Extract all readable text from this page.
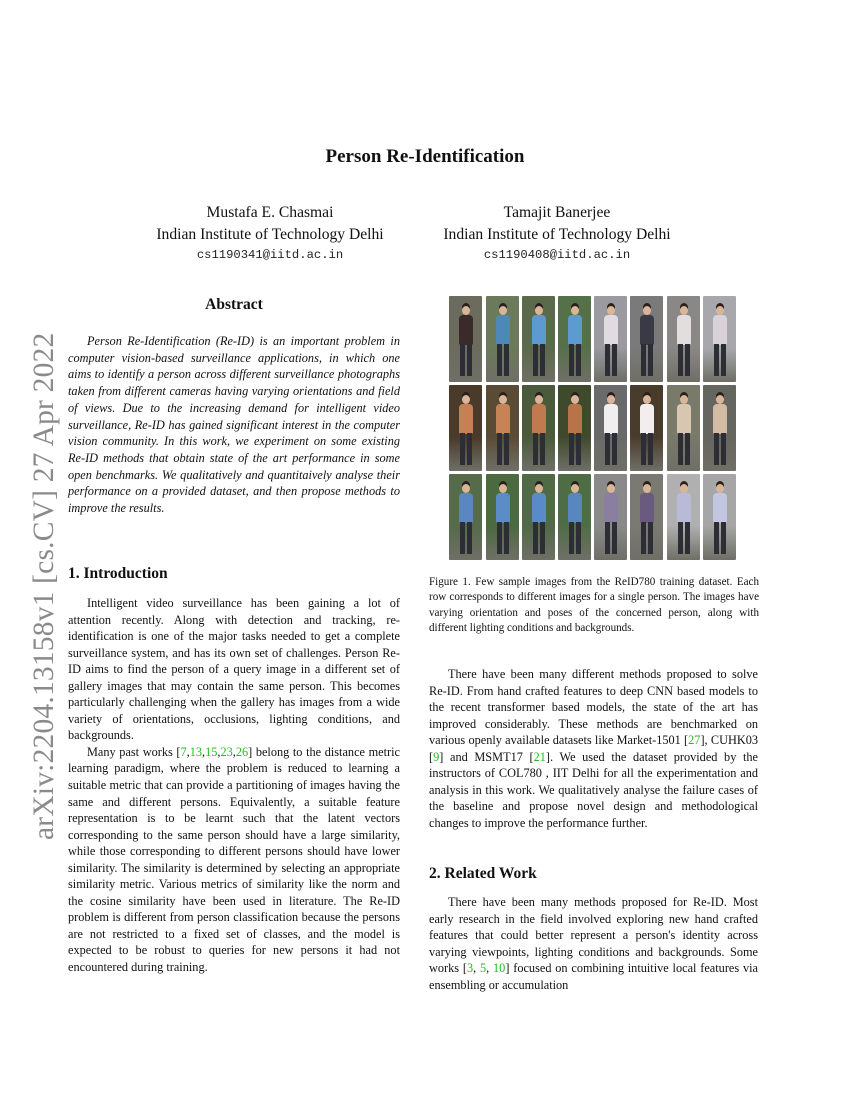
arXiv:2204.13158v1 [cs.CV] 27 Apr 2022
Person Re-Identification
Mustafa E. Chasmai
Indian Institute of Technology Delhi
cs1190341@iitd.ac.in
Tamajit Banerjee
Indian Institute of Technology Delhi
cs1190408@iitd.ac.in
Abstract

Person Re-Identification (Re-ID) is an important problem in computer vision-based surveillance applications, in which one aims to identify a person across different surveillance photographs taken from different cameras having varying orientations and field of views. Due to the increasing demand for intelligent video surveillance, Re-ID has gained significant interest in the computer vision community. In this work, we experiment on some existing Re-ID methods that obtain state of the art performance in some open benchmarks. We qualitatively and quantitaively analyse their performance on a provided dataset, and then propose methods to improve the results.

1. Introduction

Intelligent video surveillance has been gaining a lot of attention recently. Along with detection and tracking, re-identification is one of the major tasks needed to get a complete surveillance system, and has its own set of challenges. Person Re-ID aims to find the person of a query image in a different set of gallery images that may contain the same person. This becomes particularly challenging when the gallery has images from a wide variety of orientations, occlusions, lighting conditions, and backgrounds.

Many past works [7,13,15,23,26] belong to the distance metric learning paradigm, where the problem is reduced to learning a suitable metric that can provide a partitioning of images having the same and different persons. Equivalently, a suitable feature representation is to be learnt such that the latent vectors corresponding to the same person should have a large similarity, while those corresponding to different persons should have lower similarity. The similarity is determined by selecting an appropriate similarity metric. Various metrics of similarity like the norm and the cosine similarity have been used in literature. The Re-ID problem is different from person classification because the persons are not restricted to a fixed set of classes, and the model is expected to be robust to queries for new persons it had not encountered during training.

Figure 1. Few sample images from the ReID780 training dataset. Each row corresponds to different images for a single person. The images have varying orientation and poses of the concerned person, along with different lighting conditions and backgrounds.

There have been many different methods proposed to solve Re-ID. From hand crafted features to deep CNN based models to the recent transformer based models, the state of the art has improved considerably. These methods are benchmarked on various openly available datasets like Market-1501 [27], CUHK03 [9] and MSMT17 [21]. We used the dataset provided by the instructors of COL780 , IIT Delhi for all the experimentation and analysis in this work. We qualitatively analyse the failure cases of the baseline and propose novel design and methodological changes to improve the performance further.

2. Related Work

There have been many methods proposed for Re-ID. Most early research in the field involved exploring new hand crafted features that could better represent a person's identity across varying viewpoints, lighting conditions and backgrounds. Some works [3, 5, 10] focused on combining intuitive local features via ensembling or accumulation
